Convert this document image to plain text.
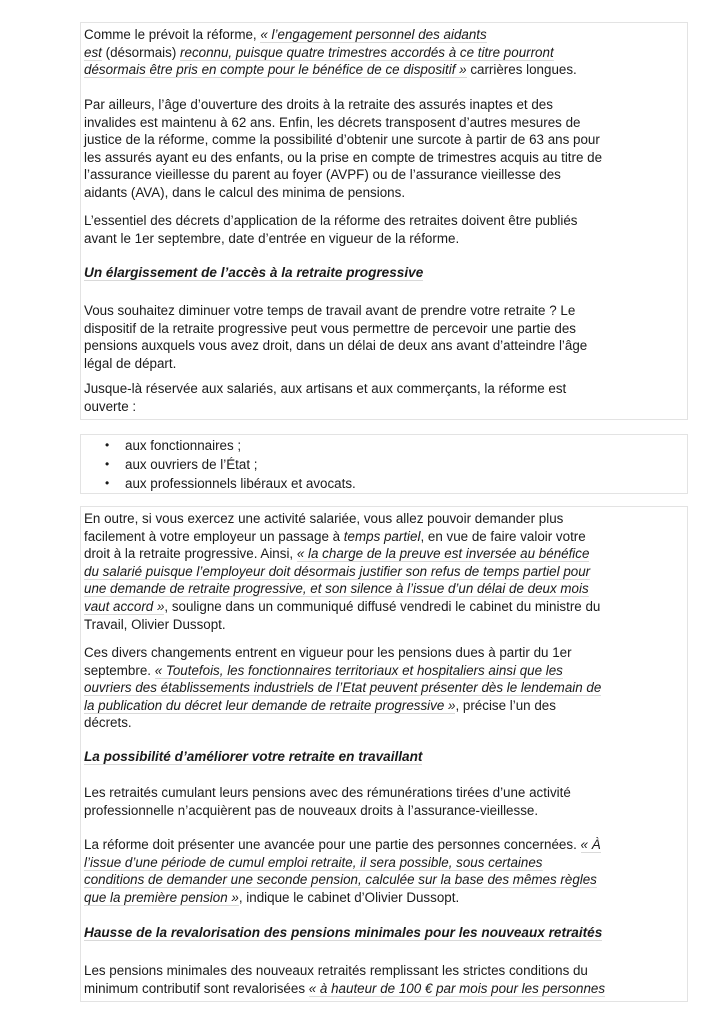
Comme le prévoit la réforme, « l’engagement personnel des aidants
est (désormais) reconnu, puisque quatre trimestres accordés à ce titre pourront
désormais être pris en compte pour le bénéfice de ce dispositif » carrières longues.
Par ailleurs, l’âge d’ouverture des droits à la retraite des assurés inaptes et des
invalides est maintenu à 62 ans. Enfin, les décrets transposent d’autres mesures de
justice de la réforme, comme la possibilité d’obtenir une surcote à partir de 63 ans pour
les assurés ayant eu des enfants, ou la prise en compte de trimestres acquis au titre de
l’assurance vieillesse du parent au foyer (AVPF) ou de l’assurance vieillesse des
aidants (AVA), dans le calcul des minima de pensions.
L’essentiel des décrets d’application de la réforme des retraites doivent être publiés
avant le 1er septembre, date d’entrée en vigueur de la réforme.
Un élargissement de l’accès à la retraite progressive
Vous souhaitez diminuer votre temps de travail avant de prendre votre retraite ? Le
dispositif de la retraite progressive peut vous permettre de percevoir une partie des
pensions auxquels vous avez droit, dans un délai de deux ans avant d’atteindre l’âge
légal de départ.
Jusque-là réservée aux salariés, aux artisans et aux commerçants, la réforme est
ouverte :
• aux fonctionnaires ;
• aux ouvriers de l’État ;
• aux professionnels libéraux et avocats.
En outre, si vous exercez une activité salariée, vous allez pouvoir demander plus
facilement à votre employeur un passage à temps partiel, en vue de faire valoir votre
droit à la retraite progressive. Ainsi, « la charge de la preuve est inversée au bénéfice
du salarié puisque l’employeur doit désormais justifier son refus de temps partiel pour
une demande de retraite progressive, et son silence à l’issue d’un délai de deux mois
vaut accord », souligne dans un communiqué diffusé vendredi le cabinet du ministre du
Travail, Olivier Dussopt.
Ces divers changements entrent en vigueur pour les pensions dues à partir du 1er
septembre. « Toutefois, les fonctionnaires territoriaux et hospitaliers ainsi que les
ouvriers des établissements industriels de l’Etat peuvent présenter dès le lendemain de
la publication du décret leur demande de retraite progressive », précise l’un des
décrets.
La possibilité d’améliorer votre retraite en travaillant
Les retraités cumulant leurs pensions avec des rémunérations tirées d’une activité
professionnelle n’acquièrent pas de nouveaux droits à l’assurance-vieillesse.
La réforme doit présenter une avancée pour une partie des personnes concernées. « À
l’issue d’une période de cumul emploi retraite, il sera possible, sous certaines
conditions de demander une seconde pension, calculée sur la base des mêmes règles
que la première pension », indique le cabinet d’Olivier Dussopt.
Hausse de la revalorisation des pensions minimales pour les nouveaux retraités
Les pensions minimales des nouveaux retraités remplissant les strictes conditions du
minimum contributif sont revalorisées « à hauteur de 100 € par mois pour les personnes
